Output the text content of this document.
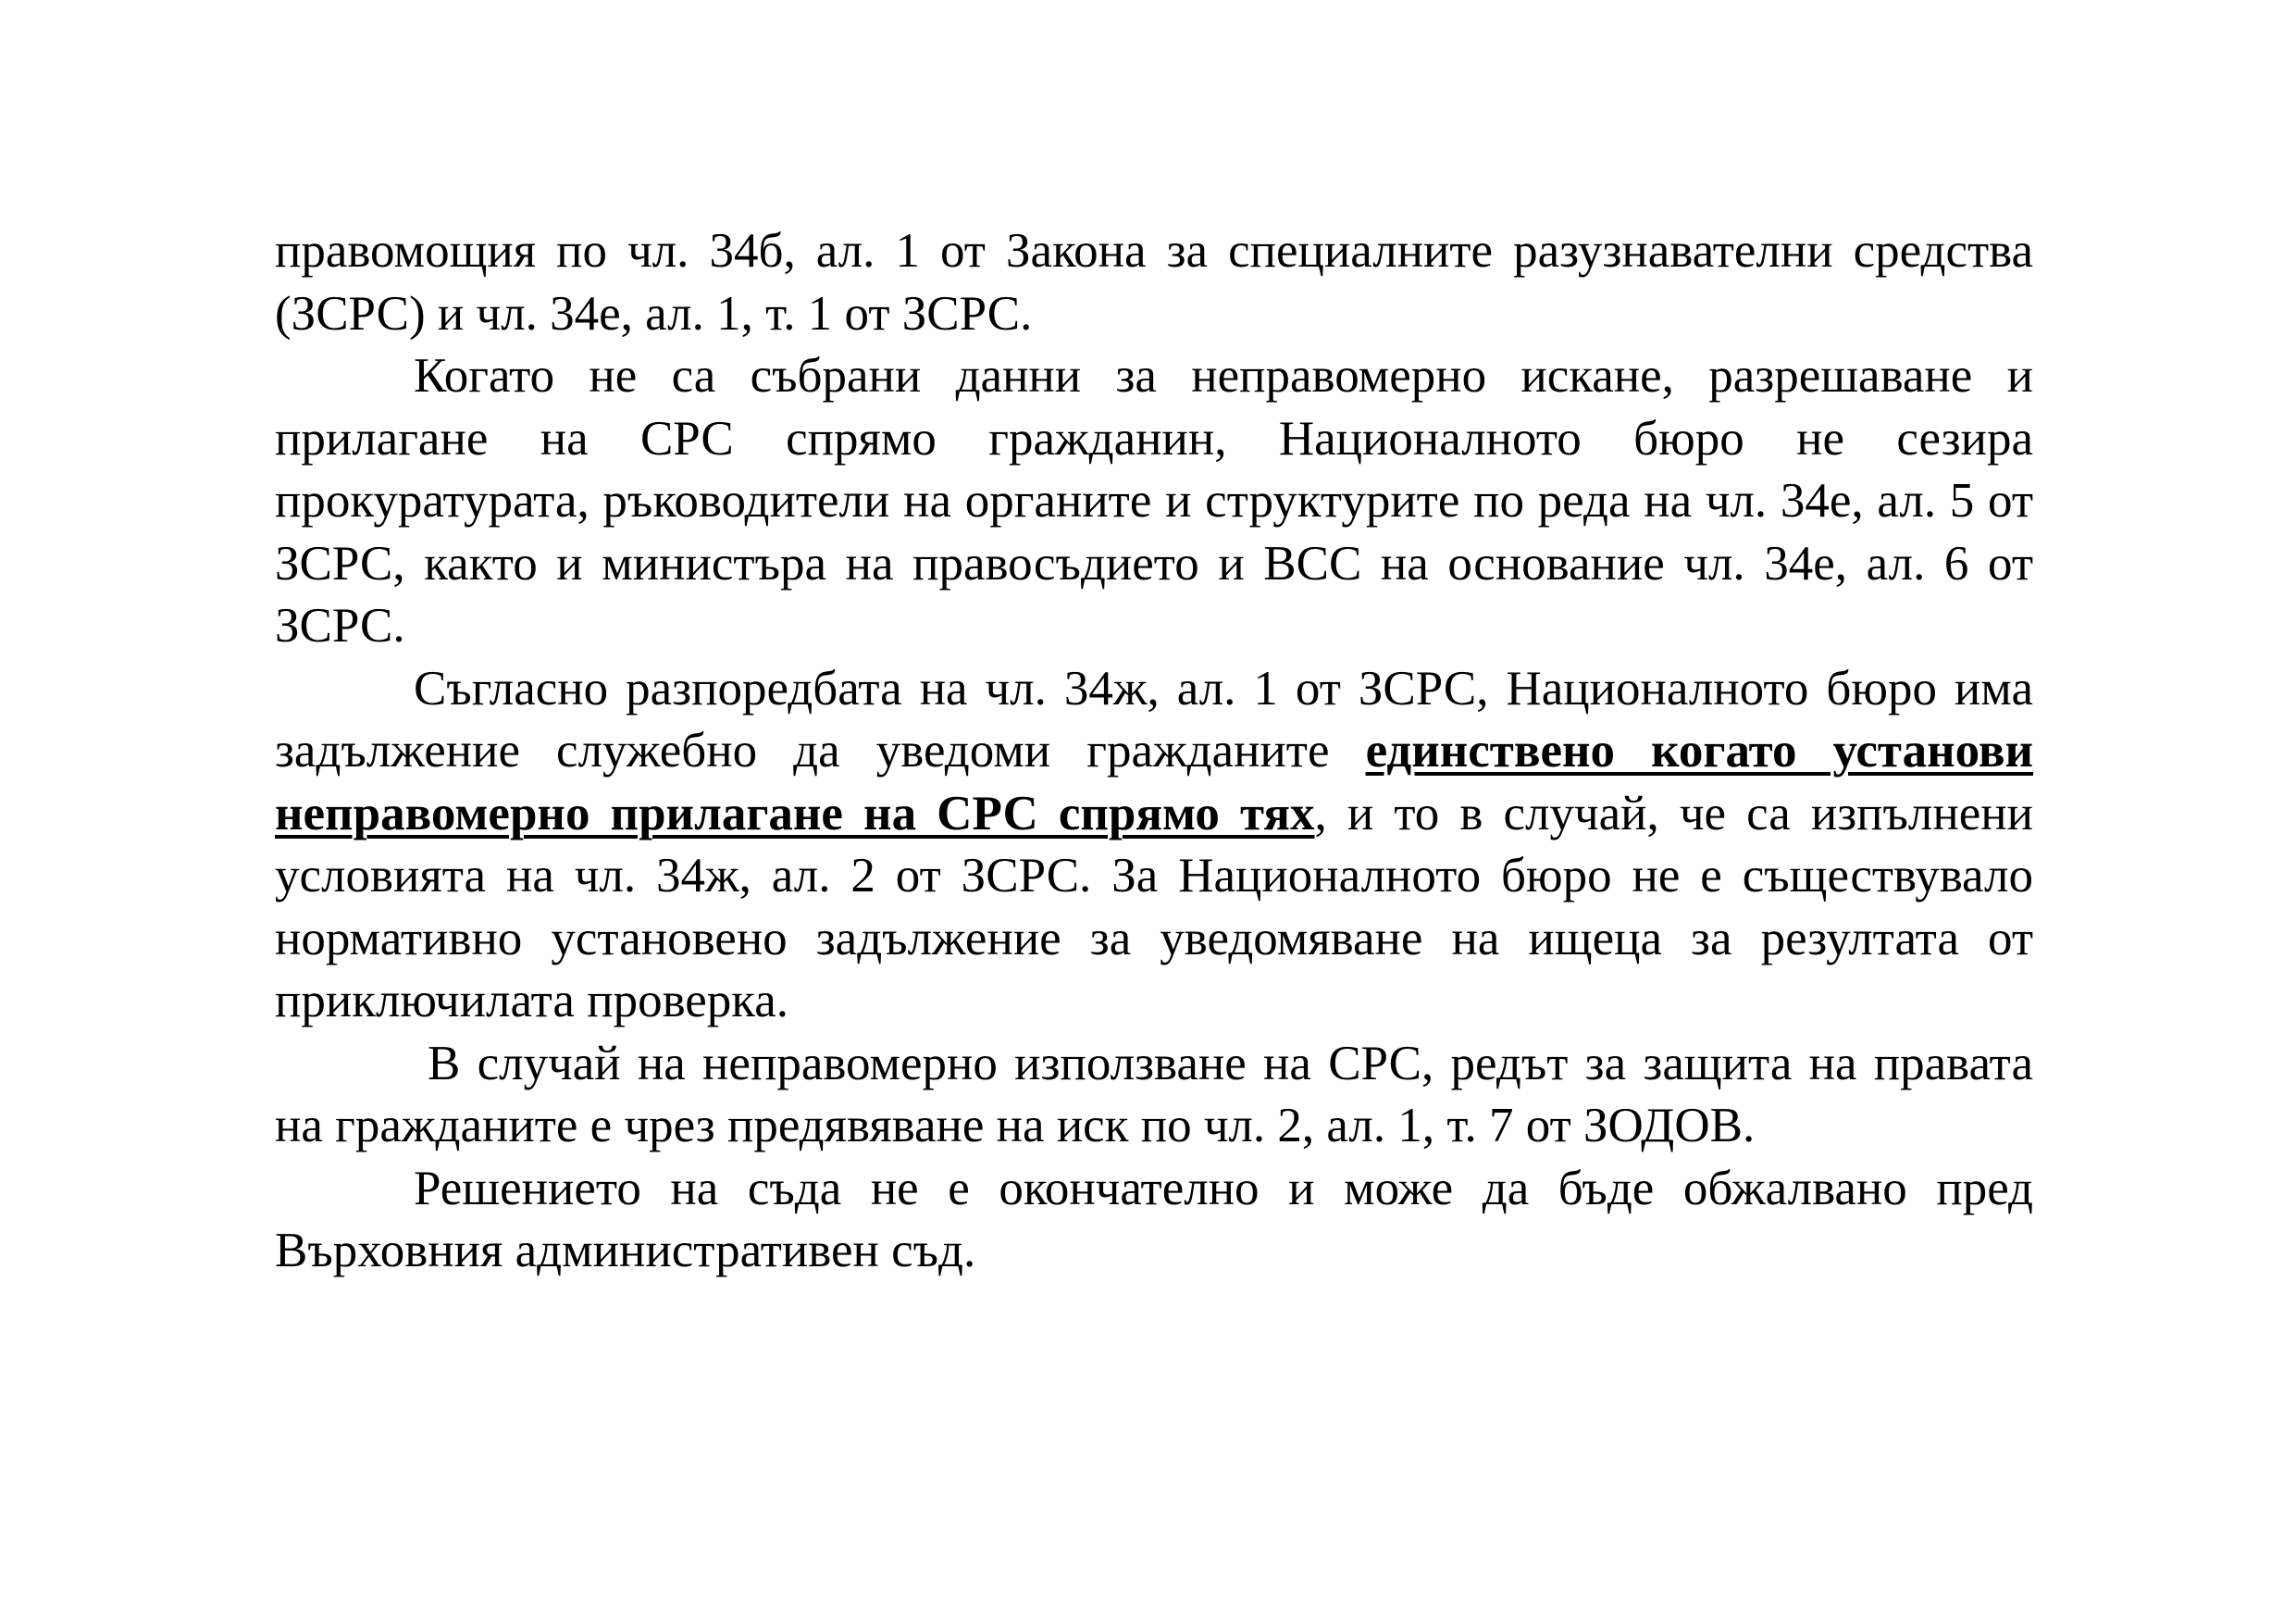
правомощия по чл. 34б, ал. 1 от Закона за специалните разузнавателни средства (ЗСРС) и чл. 34е, ал. 1, т. 1 от ЗСРС.

Когато не са събрани данни за неправомерно искане, разрешаване и прилагане на СРС спрямо гражданин, Националното бюро не сезира прокуратурата, ръководители на органите и структурите по реда на чл. 34е, ал. 5 от ЗСРС, както и министъра на правосъдието и ВСС на основание чл. 34е, ал. 6 от ЗСРС.

Съгласно разпоредбата на чл. 34ж, ал. 1 от ЗСРС, Националното бюро има задължение служебно да уведоми гражданите единствено когато установи неправомерно прилагане на СРС спрямо тях, и то в случай, че са изпълнени условията на чл. 34ж, ал. 2 от ЗСРС. За Националното бюро не е съществувало нормативно установено задължение за уведомяване на ищеца за резултата от приключилата проверка.

В случай на неправомерно използване на СРС, редът за защита на правата на гражданите е чрез предявяване на иск по чл. 2, ал. 1, т. 7 от ЗОДОВ.

Решението на съда не е окончателно и може да бъде обжалвано пред Върховния административен съд.
